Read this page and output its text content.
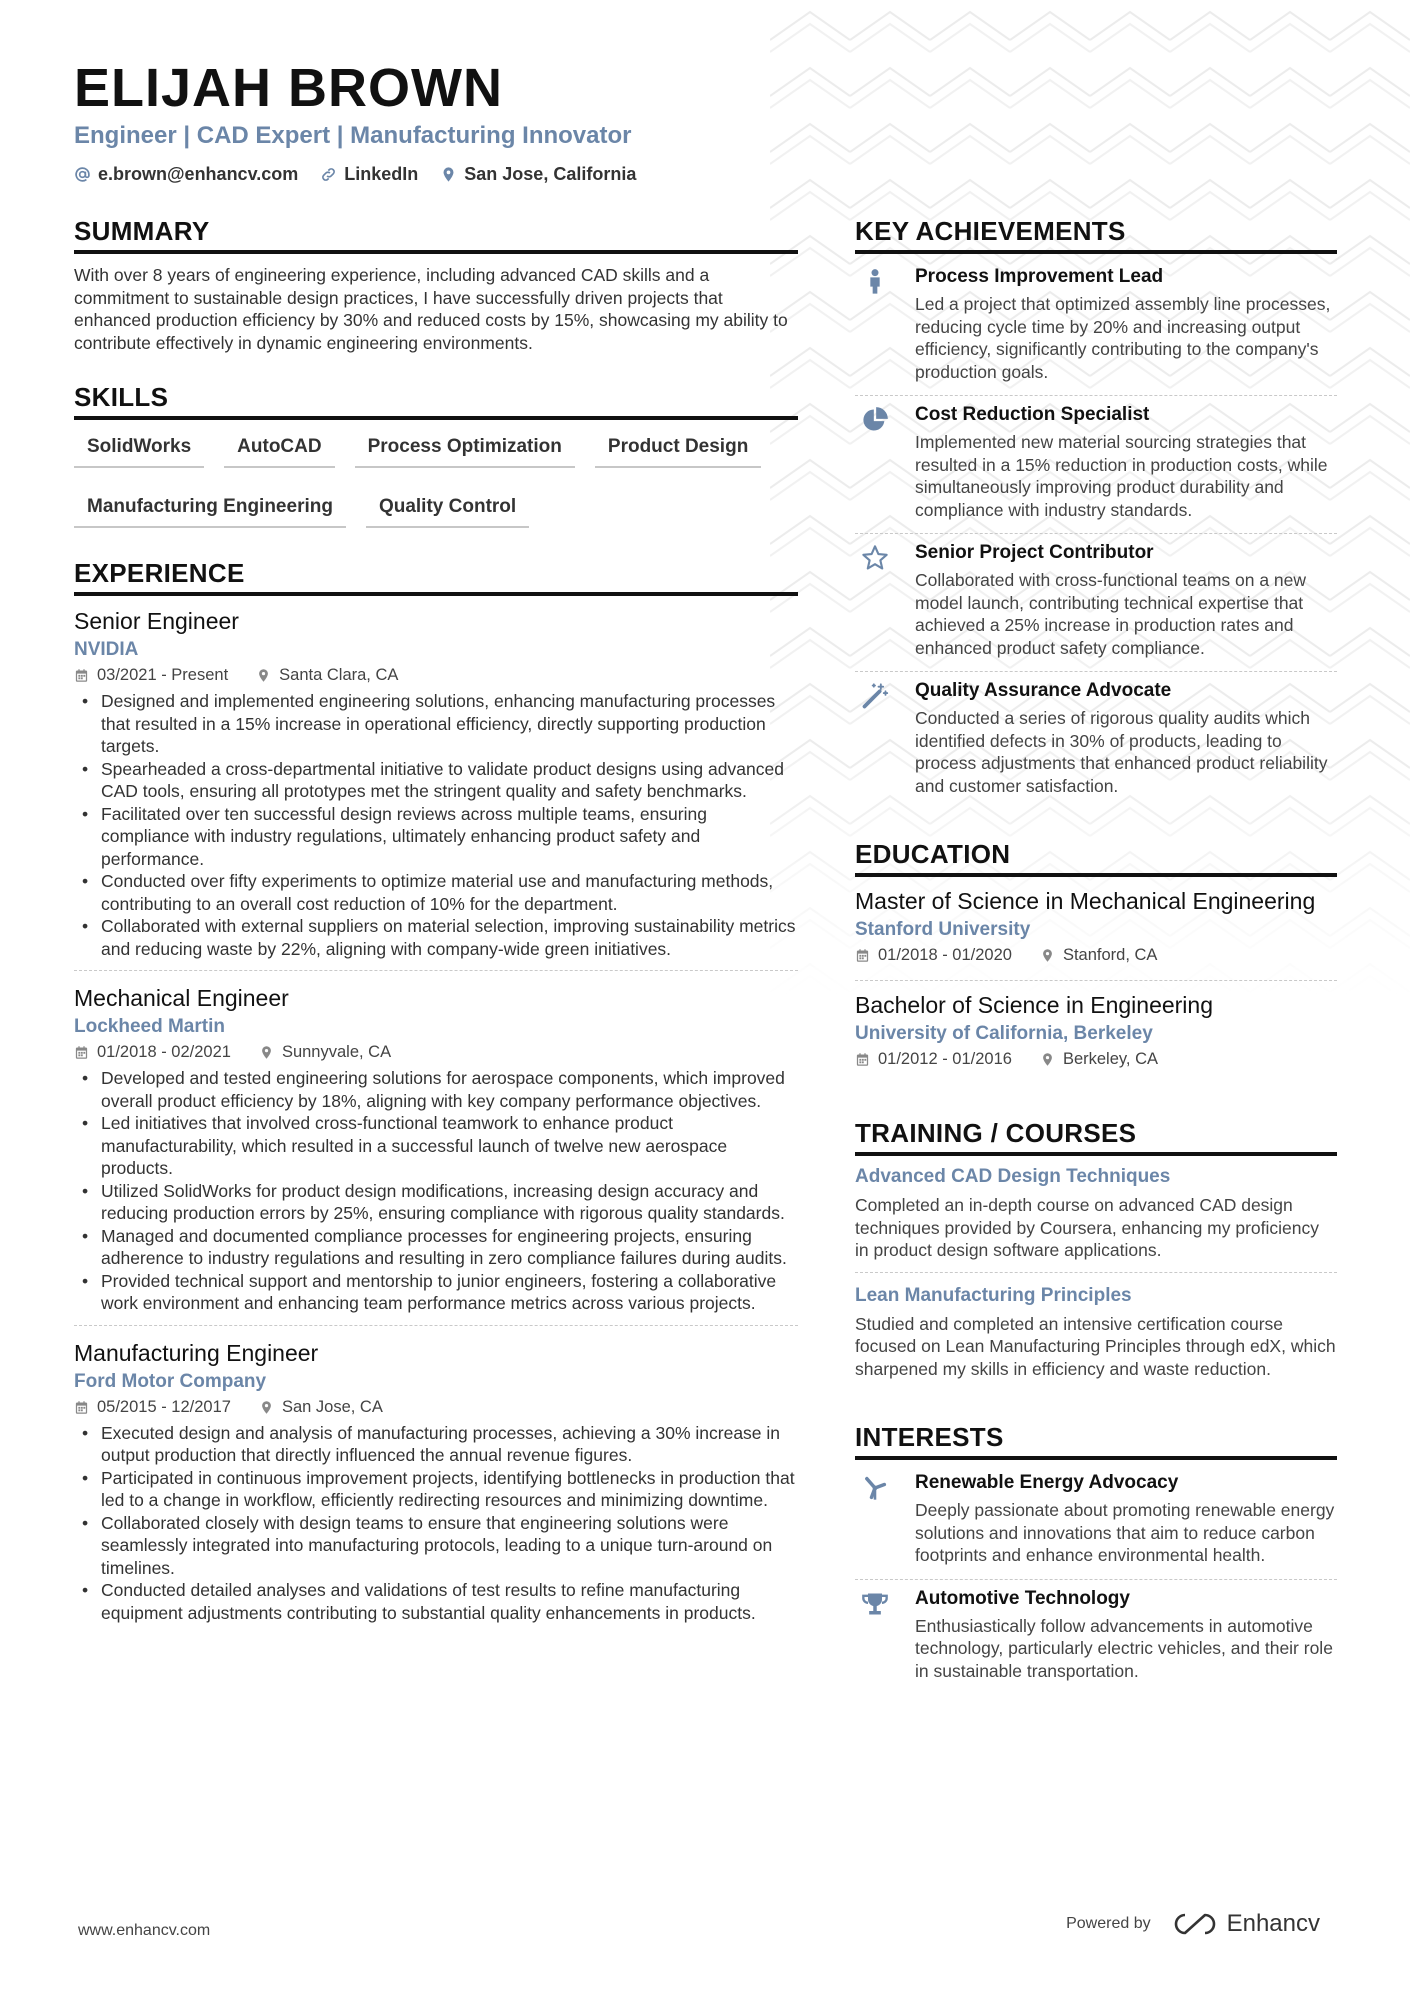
ELIJAH BROWN
Engineer | CAD Expert | Manufacturing Innovator
e.brown@enhancv.com	LinkedIn	San Jose, California
SUMMARY
With over 8 years of engineering experience, including advanced CAD skills and a commitment to sustainable design practices, I have successfully driven projects that enhanced production efficiency by 30% and reduced costs by 15%, showcasing my ability to contribute effectively in dynamic engineering environments.
SKILLS
SolidWorks	AutoCAD	Process Optimization	Product Design
Manufacturing Engineering	Quality Control
EXPERIENCE
Senior Engineer
NVIDIA
03/2021 - Present	Santa Clara, CA
• Designed and implemented engineering solutions, enhancing manufacturing processes that resulted in a 15% increase in operational efficiency, directly supporting production targets.
• Spearheaded a cross-departmental initiative to validate product designs using advanced CAD tools, ensuring all prototypes met the stringent quality and safety benchmarks.
• Facilitated over ten successful design reviews across multiple teams, ensuring compliance with industry regulations, ultimately enhancing product safety and performance.
• Conducted over fifty experiments to optimize material use and manufacturing methods, contributing to an overall cost reduction of 10% for the department.
• Collaborated with external suppliers on material selection, improving sustainability metrics and reducing waste by 22%, aligning with company-wide green initiatives.
Mechanical Engineer
Lockheed Martin
01/2018 - 02/2021	Sunnyvale, CA
• Developed and tested engineering solutions for aerospace components, which improved overall product efficiency by 18%, aligning with key company performance objectives.
• Led initiatives that involved cross-functional teamwork to enhance product manufacturability, which resulted in a successful launch of twelve new aerospace products.
• Utilized SolidWorks for product design modifications, increasing design accuracy and reducing production errors by 25%, ensuring compliance with rigorous quality standards.
• Managed and documented compliance processes for engineering projects, ensuring adherence to industry regulations and resulting in zero compliance failures during audits.
• Provided technical support and mentorship to junior engineers, fostering a collaborative work environment and enhancing team performance metrics across various projects.
Manufacturing Engineer
Ford Motor Company
05/2015 - 12/2017	San Jose, CA
• Executed design and analysis of manufacturing processes, achieving a 30% increase in output production that directly influenced the annual revenue figures.
• Participated in continuous improvement projects, identifying bottlenecks in production that led to a change in workflow, efficiently redirecting resources and minimizing downtime.
• Collaborated closely with design teams to ensure that engineering solutions were seamlessly integrated into manufacturing protocols, leading to a unique turn-around on timelines.
• Conducted detailed analyses and validations of test results to refine manufacturing equipment adjustments contributing to substantial quality enhancements in products.
KEY ACHIEVEMENTS
Process Improvement Lead
Led a project that optimized assembly line processes, reducing cycle time by 20% and increasing output efficiency, significantly contributing to the company's production goals.
Cost Reduction Specialist
Implemented new material sourcing strategies that resulted in a 15% reduction in production costs, while simultaneously improving product durability and compliance with industry standards.
Senior Project Contributor
Collaborated with cross-functional teams on a new model launch, contributing technical expertise that achieved a 25% increase in production rates and enhanced product safety compliance.
Quality Assurance Advocate
Conducted a series of rigorous quality audits which identified defects in 30% of products, leading to process adjustments that enhanced product reliability and customer satisfaction.
EDUCATION
Master of Science in Mechanical Engineering
Stanford University
01/2018 - 01/2020	Stanford, CA
Bachelor of Science in Engineering
University of California, Berkeley
01/2012 - 01/2016	Berkeley, CA
TRAINING / COURSES
Advanced CAD Design Techniques
Completed an in-depth course on advanced CAD design techniques provided by Coursera, enhancing my proficiency in product design software applications.
Lean Manufacturing Principles
Studied and completed an intensive certification course focused on Lean Manufacturing Principles through edX, which sharpened my skills in efficiency and waste reduction.
INTERESTS
Renewable Energy Advocacy
Deeply passionate about promoting renewable energy solutions and innovations that aim to reduce carbon footprints and enhance environmental health.
Automotive Technology
Enthusiastically follow advancements in automotive technology, particularly electric vehicles, and their role in sustainable transportation.
www.enhancv.com	Powered by	Enhancv
